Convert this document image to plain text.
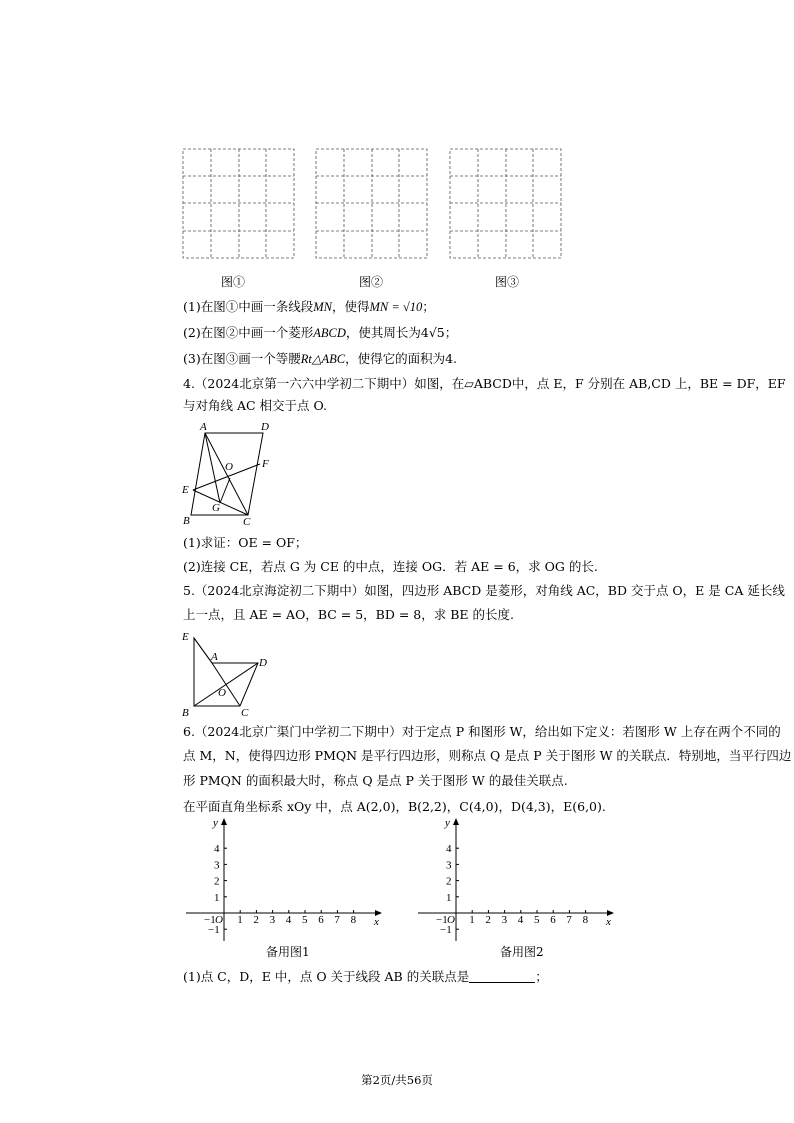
图①	图②	图③
(1)在图①中画一条线段MN，使得MN = √10；
(2)在图②中画一个菱形ABCD，使其周长为4√5；
(3)在图③画一个等腰Rt△ABC，使得它的面积为4.
4.（2024北京第一六六中学初二下期中）如图，在▱ABCD中，点 E，F 分别在 AB,CD 上，BE = DF，EF
与对角线 AC 相交于点 O.
A	D
O	F
E
G
B	C
(1)求证：OE = OF；
(2)连接 CE，若点 G 为 CE 的中点，连接 OG．若 AE = 6，求 OG 的长.
5.（2024北京海淀初二下期中）如图，四边形 ABCD 是菱形，对角线 AC，BD 交于点 O，E 是 CA 延长线
上一点，且 AE = AO，BC = 5，BD = 8，求 BE 的长度.
E
A	D
O
B	C
6.（2024北京广渠门中学初二下期中）对于定点 P 和图形 W，给出如下定义：若图形 W 上存在两个不同的
点 M，N，使得四边形 PMQN 是平行四边形，则称点 Q 是点 P 关于图形 W 的关联点．特别地，当平行四边
形 PMQN 的面积最大时，称点 Q 是点 P 关于图形 W 的最佳关联点.
在平面直角坐标系 xOy 中，点 A(2,0)，B(2,2)，C(4,0)，D(4,3)，E(6,0).
1 2 3 4 5 6 7 8
−1
4
3
2
1
−1
O	x
y
1 2 3 4 5 6 7 8
−1
4
3
2
1
−1
O	x
y
备用图1	备用图2
(1)点 C，D，E 中，点 O 关于线段 AB 的关联点是	；
第2页/共56页
